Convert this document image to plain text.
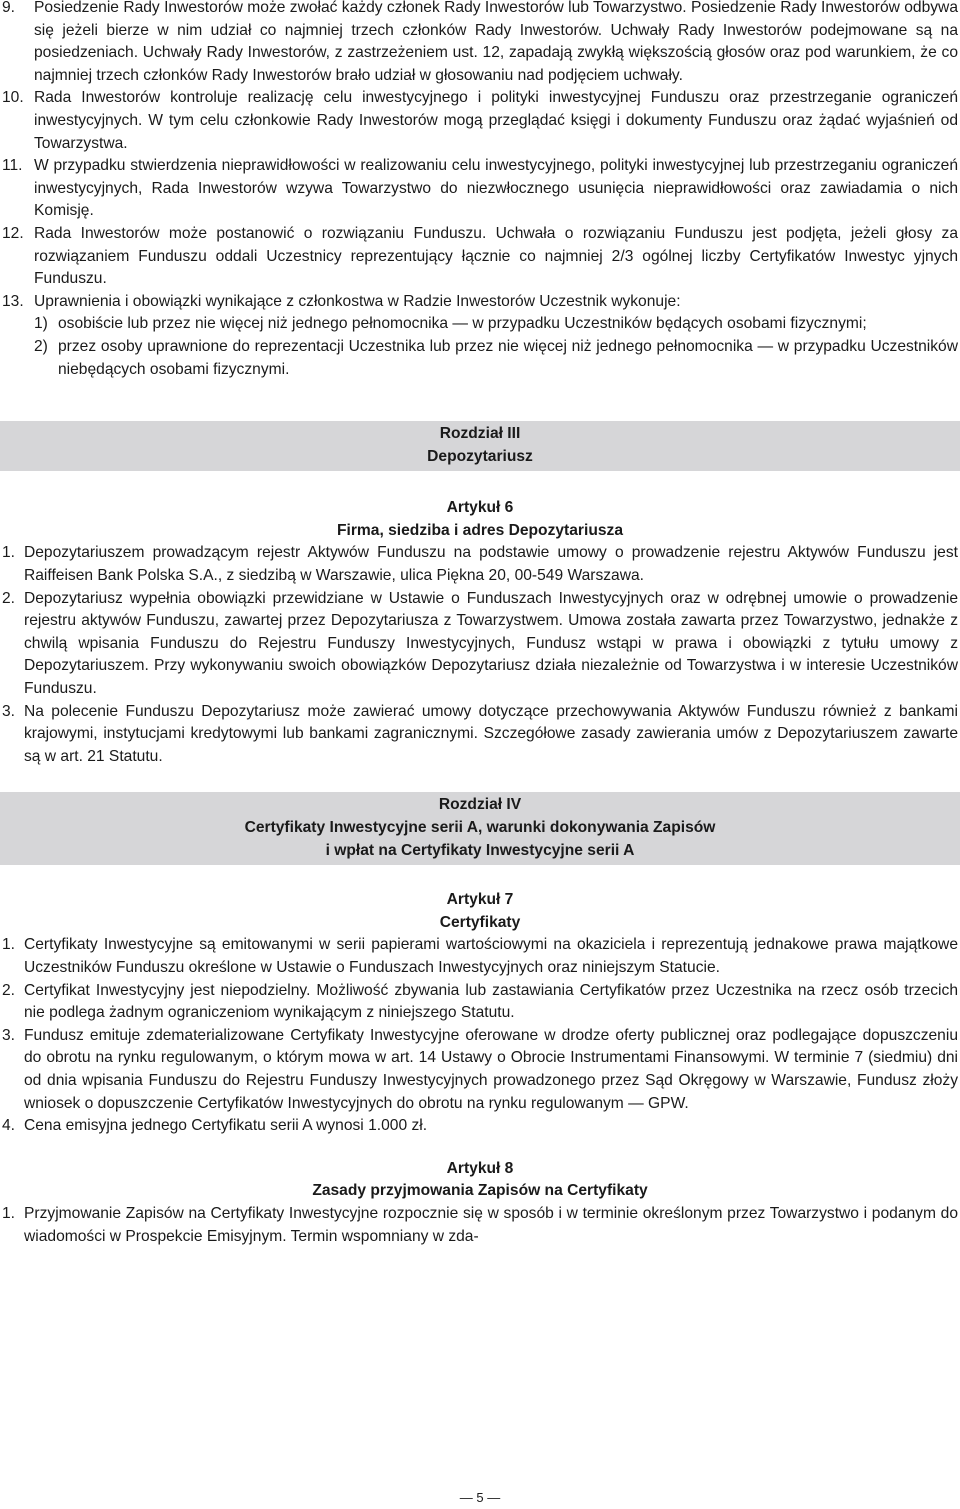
9.	Posiedzenie Rady Inwestorów może zwołać każdy członek Rady Inwestorów lub Towarzystwo. Posiedzenie Rady Inwestorów odbywa się jeżeli bierze w nim udział co najmniej trzech członków Rady Inwestorów. Uchwały Rady Inwestorów podejmowane są na posiedzeniach. Uchwały Rady Inwestorów, z zastrzeżeniem ust. 12, zapadają zwykłą większością głosów oraz pod warunkiem, że co najmniej trzech członków Rady Inwestorów brało udział w głosowaniu nad podjęciem uchwały.
10. Rada Inwestorów kontroluje realizację celu inwestycyjnego i polityki inwestycyjnej Funduszu oraz przestrzeganie ograniczeń inwestycyjnych. W tym celu członkowie Rady Inwestorów mogą przeglądać księgi i dokumenty Funduszu oraz żądać wyjaśnień od Towarzystwa.
11. W przypadku stwierdzenia nieprawidłowości w realizowaniu celu inwestycyjnego, polityki inwestycyjnej lub przestrzeganiu ograniczeń inwestycyjnych, Rada Inwestorów wzywa Towarzystwo do niezwłocznego usunięcia nieprawidłowości oraz zawiadamia o nich Komisję.
12. Rada Inwestorów może postanowić o rozwiązaniu Funduszu. Uchwała o rozwiązaniu Funduszu jest podjęta, jeżeli głosy za rozwiązaniem Funduszu oddali Uczestnicy reprezentujący łącznie co najmniej 2/3 ogólnej liczby Certyfikatów Inwestyc yjnych Funduszu.
13. Uprawnienia i obowiązki wynikające z członkostwa w Radzie Inwestorów Uczestnik wykonuje:
1) osobiście lub przez nie więcej niż jednego pełnomocnika — w przypadku Uczestników będących osobami fizycznymi;
2) przez osoby uprawnione do reprezentacji Uczestnika lub przez nie więcej niż jednego pełnomocnika — w przypadku Uczestników niebędących osobami fizycznymi.
Rozdział III
Depozytariusz
Artykuł 6
Firma, siedziba i adres Depozytariusza
1. Depozytariuszem prowadzącym rejestr Aktywów Funduszu na podstawie umowy o prowadzenie rejestru Aktywów Funduszu jest Raiffeisen Bank Polska S.A., z siedzibą w Warszawie, ulica Piękna 20, 00-549 Warszawa.
2. Depozytariusz wypełnia obowiązki przewidziane w Ustawie o Funduszach Inwestycyjnych oraz w odrębnej umowie o prowadzenie rejestru aktywów Funduszu, zawartej przez Depozytariusza z Towarzystwem. Umowa została zawarta przez Towarzystwo, jednakże z chwilą wpisania Funduszu do Rejestru Funduszy Inwestycyjnych, Fundusz wstąpi w prawa i obowiązki z tytułu umowy z Depozytariuszem. Przy wykonywaniu swoich obowiązków Depozytariusz działa niezależnie od Towarzystwa i w interesie Uczestników Funduszu.
3. Na polecenie Funduszu Depozytariusz może zawierać umowy dotyczące przechowywania Aktywów Funduszu również z bankami krajowymi, instytucjami kredytowymi lub bankami zagranicznymi. Szczegółowe zasady zawierania umów z Depozytariuszem zawarte są w art. 21 Statutu.
Rozdział IV
Certyfikaty Inwestycyjne serii A, warunki dokonywania Zapisów
i wpłat na Certyfikaty Inwestycyjne serii A
Artykuł 7
Certyfikaty
1. Certyfikaty Inwestycyjne są emitowanymi w serii papierami wartościowymi na okaziciela i reprezentują jednakowe prawa majątkowe Uczestników Funduszu określone w Ustawie o Funduszach Inwestycyjnych oraz niniejszym Statucie.
2. Certyfikat Inwestycyjny jest niepodzielny. Możliwość zbywania lub zastawiania Certyfikatów przez Uczestnika na rzecz osób trzecich nie podlega żadnym ograniczeniom wynikającym z niniejszego Statutu.
3. Fundusz emituje zdematerializowane Certyfikaty Inwestycyjne oferowane w drodze oferty publicznej oraz podlegające dopuszczeniu do obrotu na rynku regulowanym, o którym mowa w art. 14 Ustawy o Obrocie Instrumentami Finansowymi. W terminie 7 (siedmiu) dni od dnia wpisania Funduszu do Rejestru Funduszy Inwestycyjnych prowadzonego przez Sąd Okręgowy w Warszawie, Fundusz złoży wniosek o dopuszczenie Certyfikatów Inwestycyjnych do obrotu na rynku regulowanym — GPW.
4. Cena emisyjna jednego Certyfikatu serii A wynosi 1.000 zł.
Artykuł 8
Zasady przyjmowania Zapisów na Certyfikaty
1. Przyjmowanie Zapisów na Certyfikaty Inwestycyjne rozpocznie się w sposób i w terminie określonym przez Towarzystwo i podanym do wiadomości w Prospekcie Emisyjnym. Termin wspomniany w zda-
— 5 —
